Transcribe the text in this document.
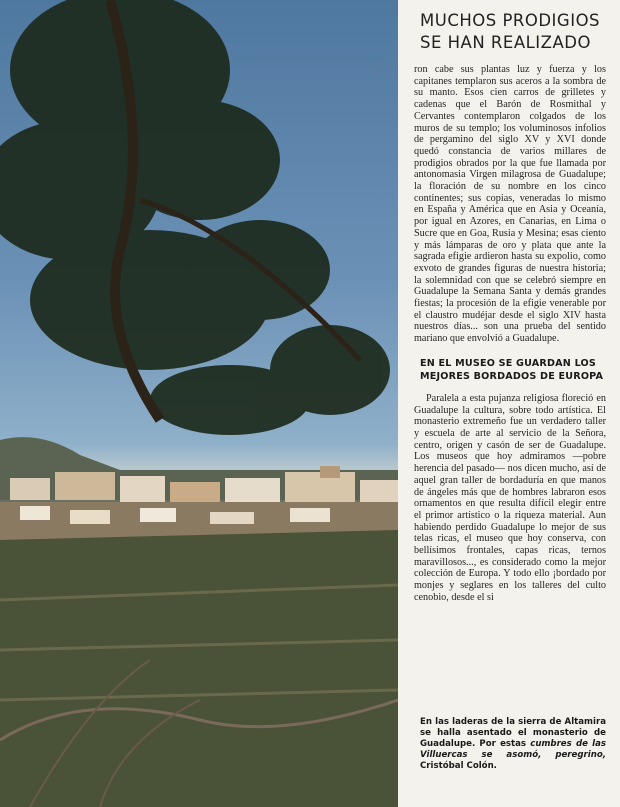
ABC
MUCHOS PRODIGIOS
SE HAN REALIZADO

ron cabe sus plantas luz y fuerza y los capitanes templaron sus aceros a la sombra de su manto. Esos cien carros de grilletes y cadenas que el Barón de Rosmithal y Cervantes contemplaron colgados de los muros de su templo; los voluminosos infolios de pergamino del siglo XV y XVI donde quedó constancia de varios millares de prodigios obrados por la que fue llamada por antonomasia Virgen milagrosa de Guadalupe; la floración de su nombre en los cinco continentes; sus copias, veneradas lo mismo en España y América que en Asia y Oceanía, por igual en Azores, en Canarias, en Lima o Sucre que en Goa, Rusia y Mesina; esas ciento y más lámparas de oro y plata que ante la sagrada efigie ardieron hasta su expolio, como exvoto de grandes figuras de nuestra historia; la solemnidad con que se celebró siempre en Guadalupe la Semana Santa y demás grandes fiestas; la procesión de la efigie venerable por el claustro mudéjar desde el siglo XIV hasta nuestros días... son una prueba del sentido mariano que envolvió a Guadalupe.

EN EL MUSEO SE GUARDAN LOS MEJORES BORDADOS DE EUROPA

Paralela a esta pujanza religiosa floreció en Guadalupe la cultura, sobre todo artística. El monasterio extremeño fue un verdadero taller y escuela de arte al servicio de la Señora, centro, origen y casón de ser de Guadalupe. Los museos que hoy admiramos —pobre herencia del pasado— nos dicen mucho, así de aquel gran taller de bordaduría en que manos de ángeles más que de hombres labraron esos ornamentos en que resulta difícil elegir entre el primor artístico o la riqueza material. Aun habiendo perdido Guadalupe lo mejor de sus telas ricas, el museo que hoy conserva, con bellísimos frontales, capas ricas, ternos maravillosos..., es considerado como la mejor colección de Europa. Y todo ello ¡bordado por monjes y seglares en los talleres del culto cenobio, desde el si

En las laderas de la sierra de Altamira se halla asentado el monasterio de Guadalupe. Por estas cumbres de las Villuercas se asomó, peregrino, Cristóbal Colón.
